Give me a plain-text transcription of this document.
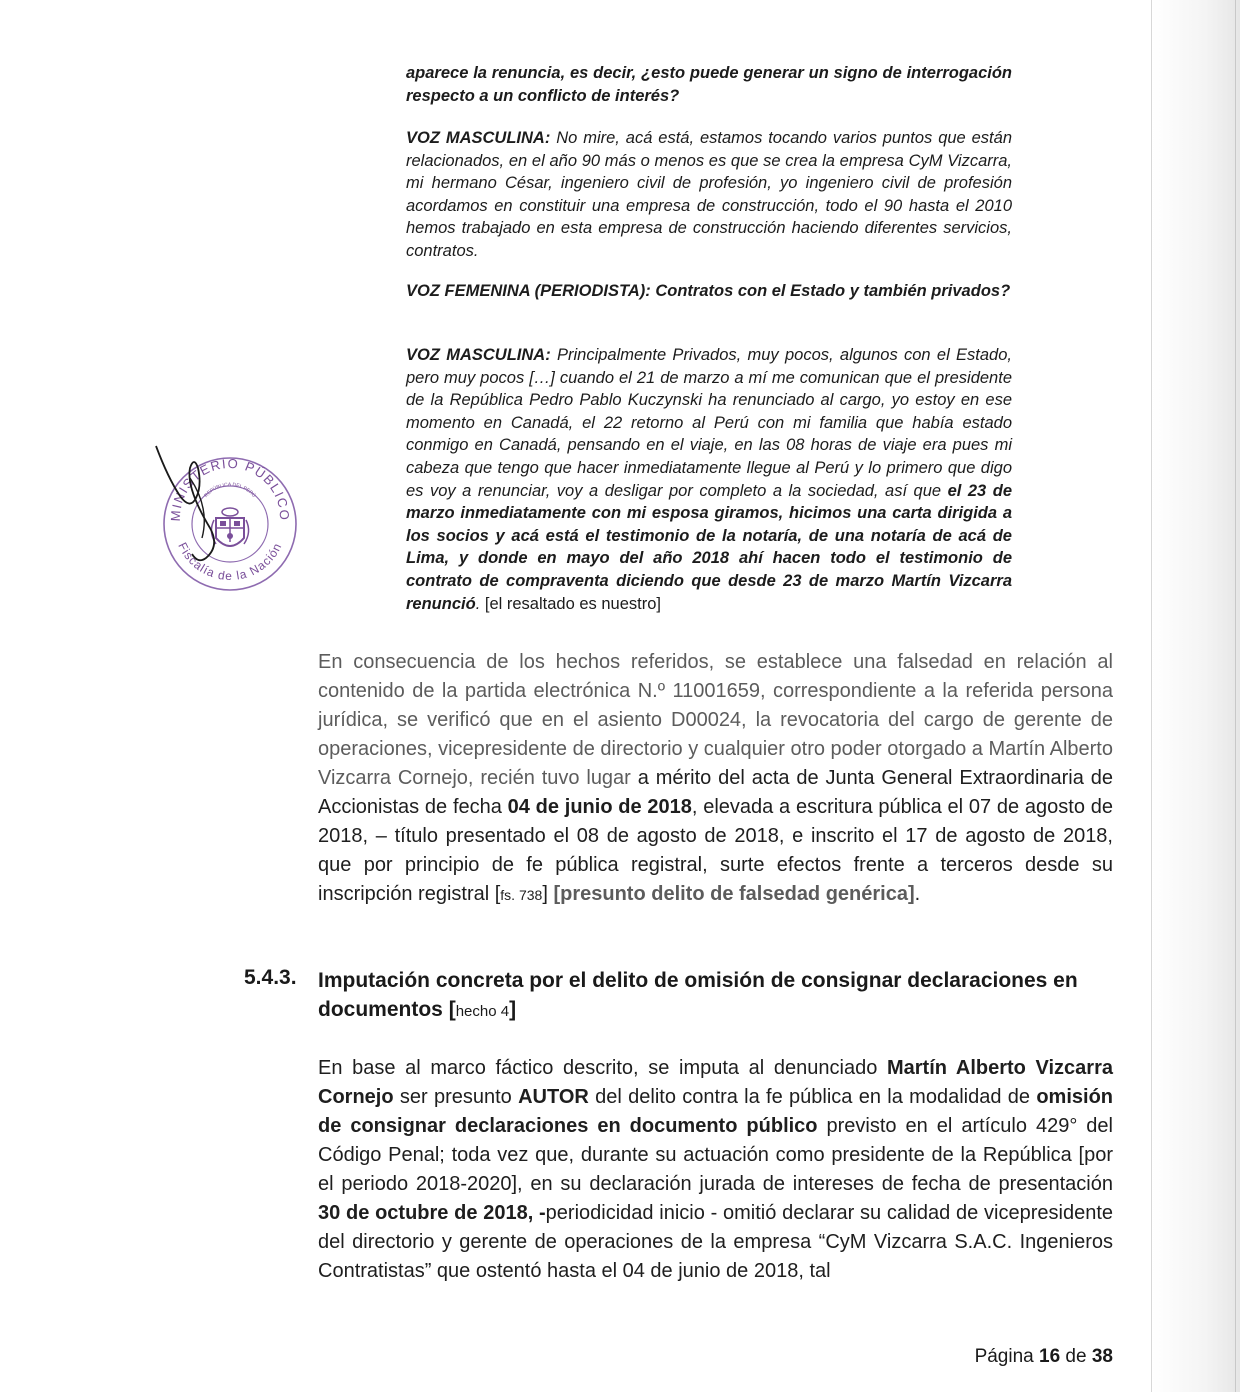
aparece la renuncia, es decir, ¿esto puede generar un signo de interrogación respecto a un conflicto de interés?
VOZ MASCULINA: No mire, acá está, estamos tocando varios puntos que están relacionados, en el año 90 más o menos es que se crea la empresa CyM Vizcarra, mi hermano César, ingeniero civil de profesión, yo ingeniero civil de profesión acordamos en constituir una empresa de construcción, todo el 90 hasta el 2010 hemos trabajado en esta empresa de construcción haciendo diferentes servicios, contratos.
VOZ FEMENINA (PERIODISTA): Contratos con el Estado y también privados?
VOZ MASCULINA: Principalmente Privados, muy pocos, algunos con el Estado, pero muy pocos […] cuando el 21 de marzo a mí me comunican que el presidente de la República Pedro Pablo Kuczynski ha renunciado al cargo, yo estoy en ese momento en Canadá, el 22 retorno al Perú con mi familia que había estado conmigo en Canadá, pensando en el viaje, en las 08 horas de viaje era pues mi cabeza que tengo que hacer inmediatamente llegue al Perú y lo primero que digo es voy a renunciar, voy a desligar por completo a la sociedad, así que el 23 de marzo inmediatamente con mi esposa giramos, hicimos una carta dirigida a los socios y acá está el testimonio de la notaría, de una notaría de acá de Lima, y donde en mayo del año 2018 ahí hacen todo el testimonio de contrato de compraventa diciendo que desde 23 de marzo Martín Vizcarra renunció. [el resaltado es nuestro]
MINISTERIO PÚBLICO
Fiscalía de la Nación
REPÚBLICA DEL PERÚ
En consecuencia de los hechos referidos, se establece una falsedad en relación al contenido de la partida electrónica N.º 11001659, correspondiente a la referida persona jurídica, se verificó que en el asiento D00024, la revocatoria del cargo de gerente de operaciones, vicepresidente de directorio y cualquier otro poder otorgado a Martín Alberto Vizcarra Cornejo, recién tuvo lugar a mérito del acta de Junta General Extraordinaria de Accionistas de fecha 04 de junio de 2018, elevada a escritura pública el 07 de agosto de 2018, – título presentado el 08 de agosto de 2018, e inscrito el 17 de agosto de 2018, que por principio de fe pública registral, surte efectos frente a terceros desde su inscripción registral [fs. 738] [presunto delito de falsedad genérica].
5.4.3. Imputación concreta por el delito de omisión de consignar declaraciones en documentos [hecho 4]
En base al marco fáctico descrito, se imputa al denunciado Martín Alberto Vizcarra Cornejo ser presunto AUTOR del delito contra la fe pública en la modalidad de omisión de consignar declaraciones en documento público previsto en el artículo 429° del Código Penal; toda vez que, durante su actuación como presidente de la República [por el periodo 2018-2020], en su declaración jurada de intereses de fecha de presentación 30 de octubre de 2018, -periodicidad inicio - omitió declarar su calidad de vicepresidente del directorio y gerente de operaciones de la empresa “CyM Vizcarra S.A.C. Ingenieros Contratistas” que ostentó hasta el 04 de junio de 2018, tal
Página 16 de 38
